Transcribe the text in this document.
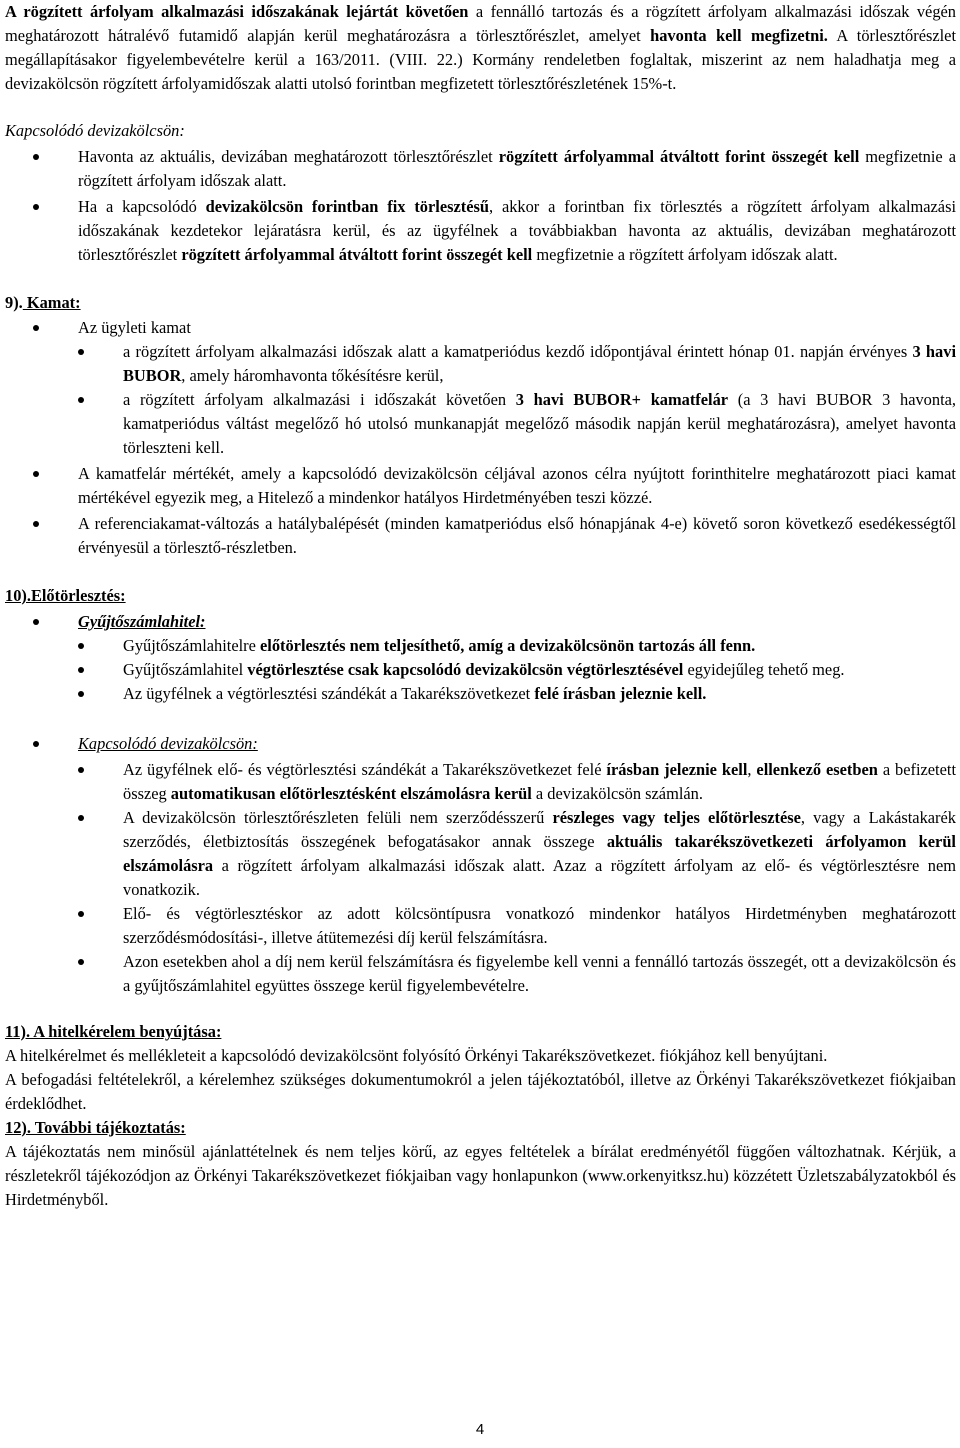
A rögzített árfolyam alkalmazási időszakának lejártát követően a fennálló tartozás és a rögzített árfolyam alkalmazási időszak végén meghatározott hátralévő futamidő alapján kerül meghatározásra a törlesztőrészlet, amelyet havonta kell megfizetni. A törlesztőrészlet megállapításakor figyelembevételre kerül a 163/2011. (VIII. 22.) Kormány rendeletben foglaltak, miszerint az nem haladhatja meg a devizakölcsön rögzített árfolyamidőszak alatti utolsó forintban megfizetett törlesztőrészletének 15%-t.

Kapcsolódó devizakölcsön:

Havonta az aktuális, devizában meghatározott törlesztőrészlet rögzített árfolyammal átváltott forint összegét kell megfizetnie a rögzített árfolyam időszak alatt.
Ha a kapcsolódó devizakölcsön forintban fix törlesztésű, akkor a forintban fix törlesztés a rögzített árfolyam alkalmazási időszakának kezdetekor lejáratásra kerül, és az ügyfélnek a továbbiakban havonta az aktuális, devizában meghatározott törlesztőrészlet rögzített árfolyammal átváltott forint összegét kell megfizetnie a rögzített árfolyam időszak alatt.

9). Kamat:

Az ügyleti kamat
a rögzített árfolyam alkalmazási időszak alatt a kamatperiódus kezdő időpontjával érintett hónap 01. napján érvényes 3 havi BUBOR, amely háromhavonta tőkésítésre kerül,
a rögzített árfolyam alkalmazási i időszakát követően 3 havi BUBOR+ kamatfelár (a 3 havi BUBOR 3 havonta, kamatperiódus váltást megelőző hó utolsó munkanapját megelőző második napján kerül meghatározásra), amelyet havonta törleszteni kell.
A kamatfelár mértékét, amely a kapcsolódó devizakölcsön céljával azonos célra nyújtott forinthitelre meghatározott piaci kamat mértékével egyezik meg, a Hitelező a mindenkor hatályos Hirdetményében teszi közzé.
A referenciakamat-változás a hatálybalépését (minden kamatperiódus első hónapjának 4-e) követő soron következő esedékességtől érvényesül a törlesztő-részletben.

10).Előtörlesztés:

Gyűjtőszámlahitel:
Gyűjtőszámlahitelre előtörlesztés nem teljesíthető, amíg a devizakölcsönön tartozás áll fenn.
Gyűjtőszámlahitel végtörlesztése csak kapcsolódó devizakölcsön végtörlesztésével egyidejűleg tehető meg.
Az ügyfélnek a végtörlesztési szándékát a Takarékszövetkezet felé írásban jeleznie kell.
Kapcsolódó devizakölcsön:
Az ügyfélnek elő- és végtörlesztési szándékát a Takarékszövetkezet felé írásban jeleznie kell, ellenkező esetben a befizetett összeg automatikusan előtörlesztésként elszámolásra kerül a devizakölcsön számlán.
A devizakölcsön törlesztőrészleten felüli nem szerződésszerű részleges vagy teljes előtörlesztése, vagy a Lakástakarék szerződés, életbiztosítás összegének befogatásakor annak összege aktuális takarékszövetkezeti árfolyamon kerül elszámolásra a rögzített árfolyam alkalmazási időszak alatt. Azaz a rögzített árfolyam az elő- és végtörlesztésre nem vonatkozik.
Elő- és végtörlesztéskor az adott kölcsöntípusra vonatkozó mindenkor hatályos Hirdetményben meghatározott szerződésmódosítási-, illetve átütemezési díj kerül felszámításra.
Azon esetekben ahol a díj nem kerül felszámításra és figyelembe kell venni a fennálló tartozás összegét, ott a devizakölcsön és a gyűjtőszámlahitel együttes összege kerül figyelembevételre.

11). A hitelkérelem benyújtása:

A hitelkérelmet és mellékleteit a kapcsolódó devizakölcsönt folyósító Örkényi Takarékszövetkezet. fiókjához kell benyújtani.

A befogadási feltételekről, a kérelemhez szükséges dokumentumokról a jelen tájékoztatóból, illetve az Örkényi Takarékszövetkezet fiókjaiban érdeklődhet.

12). További tájékoztatás:

A tájékoztatás nem minősül ajánlattételnek és nem teljes körű, az egyes feltételek a bírálat eredményétől függően változhatnak. Kérjük, a részletekről tájékozódjon az Örkényi Takarékszövetkezet fiókjaiban vagy honlapunkon (www.orkenyitksz.hu) közzétett Üzletszabályzatokból és Hirdetményből.

4
